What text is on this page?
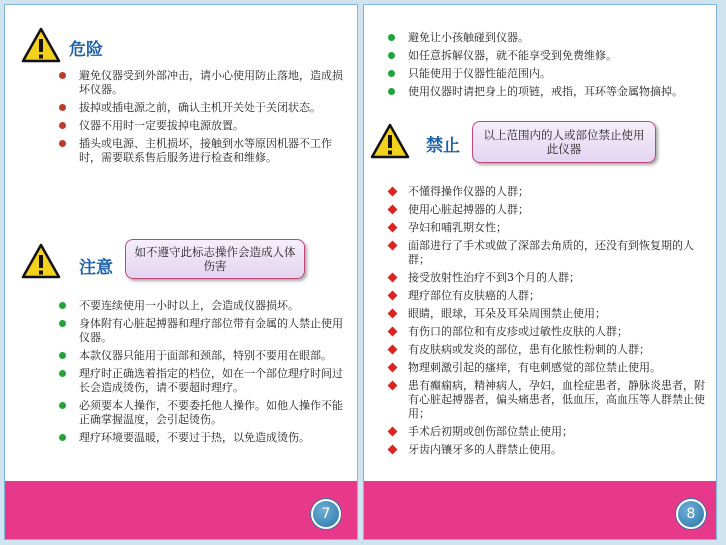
危险
避免仪器受到外部冲击，请小心使用防止落地，造成损坏仪器。
拔掉或插电源之前，确认主机开关处于关闭状态。
仪器不用时一定要拔掉电源放置。
插头或电源、主机损坏，接触到水等原因机器不工作时，需要联系售后服务进行检查和维修。
注意
如不遵守此标志操作会造成人体伤害
不要连续使用一小时以上，会造成仪器损坏。
身体附有心脏起搏器和理疗部位带有金属的人禁止使用仪器。
本款仪器只能用于面部和颈部，特别不要用在眼部。
理疗时正确选着指定的档位，如在一个部位理疗时间过长会造成烫伤，请不要超时理疗。
必须要本人操作，不要委托他人操作。如他人操作不能正确掌握温度，会引起烫伤。
理疗环境要温暖，不要过于热，以免造成烫伤。
7
避免让小孩触碰到仪器。
如任意拆解仪器，就不能享受到免费维修。
只能使用于仪器性能范围内。
使用仪器时请把身上的项链，戒指，耳环等金属物摘掉。
禁止
以上范围内的人或部位禁止使用此仪器
不懂得操作仪器的人群；
使用心脏起搏器的人群；
孕妇和哺乳期女性；
面部进行了手术或做了深部去角质的，还没有到恢复期的人群；
接受放射性治疗不到3个月的人群；
理疗部位有皮肤癌的人群；
眼睛，眼球，耳朵及耳朵周围禁止使用；
有伤口的部位和有皮疹或过敏性皮肤的人群；
有皮肤病或发炎的部位，患有化脓性粉刺的人群；
物理刺激引起的瘙痒，有电刺感觉的部位禁止使用。
患有癫痫病，精神病人，孕妇，血栓症患者，静脉炎患者，附有心脏起搏器者，偏头痛患者，低血压，高血压等人群禁止使用；
手术后初期或创伤部位禁止使用；
牙齿内镶牙多的人群禁止使用。
8
